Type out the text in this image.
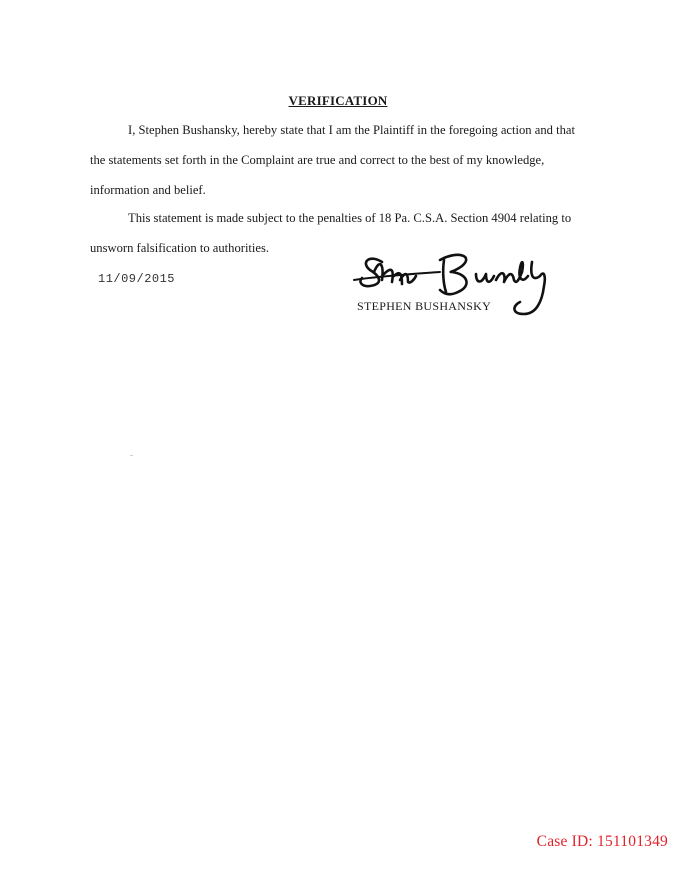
VERIFICATION

I, Stephen Bushansky, hereby state that I am the Plaintiff in the foregoing action and that the statements set forth in the Complaint are true and correct to the best of my knowledge, information and belief.

This statement is made subject to the penalties of 18 Pa. C.S.A. Section 4904 relating to unsworn falsification to authorities.

11/09/2015
STEPHEN BUSHANSKY
Case ID: 151101349
